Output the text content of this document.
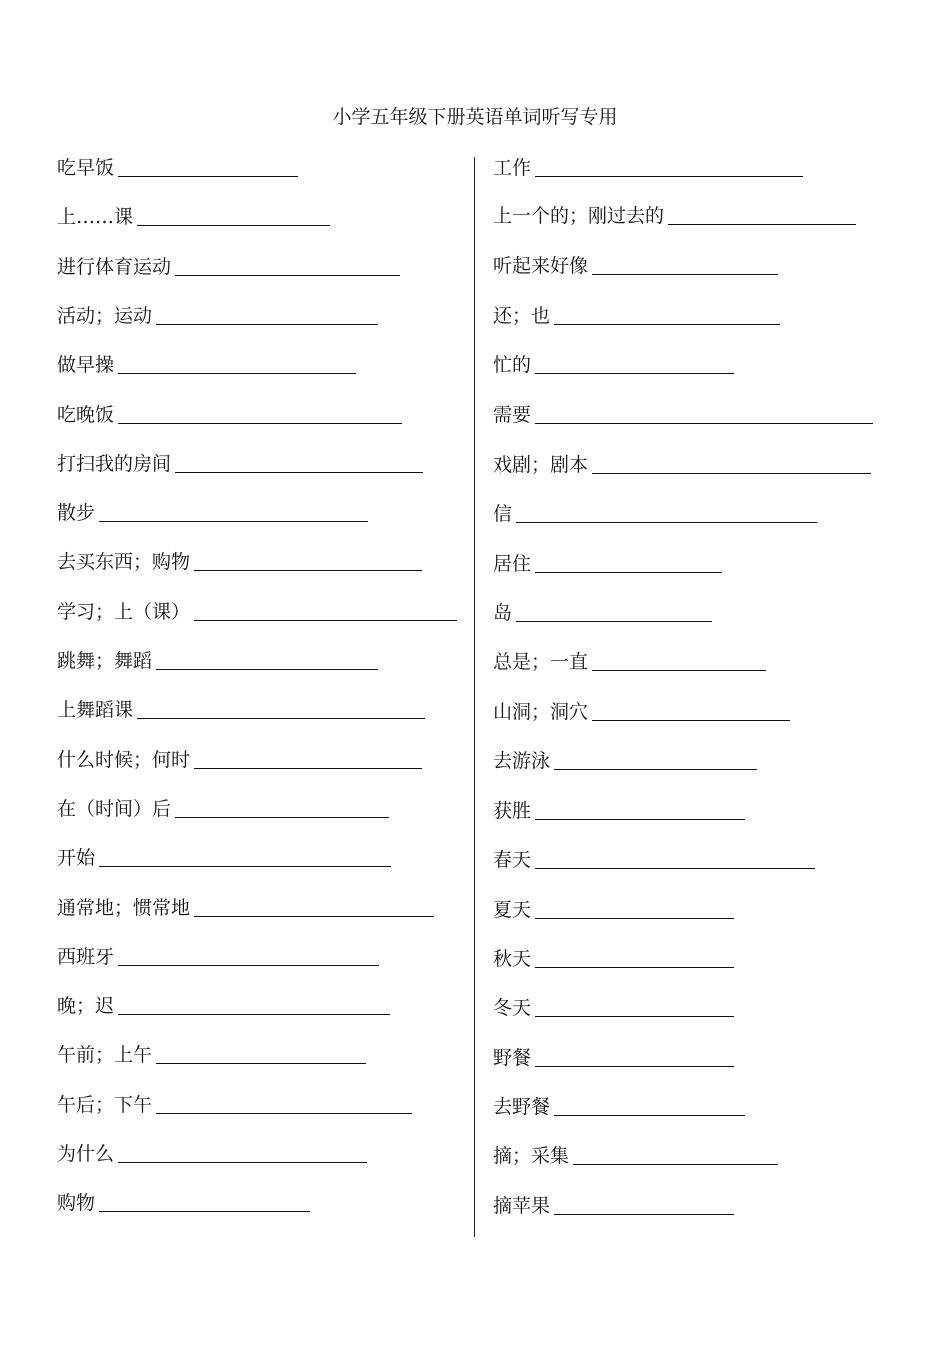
小学五年级下册英语单词听写专用
吃早饭
上……课
进行体育运动
活动；运动
做早操
吃晚饭
打扫我的房间
散步
去买东西；购物
学习；上（课）
跳舞；舞蹈
上舞蹈课
什么时候；何时
在（时间）后
开始
通常地；惯常地
西班牙
晚；迟
午前；上午
午后；下午
为什么
购物
工作
上一个的；刚过去的
听起来好像
还；也
忙的
需要
戏剧；剧本
信
居住
岛
总是；一直
山洞；洞穴
去游泳
获胜
春天
夏天
秋天
冬天
野餐
去野餐
摘；采集
摘苹果
